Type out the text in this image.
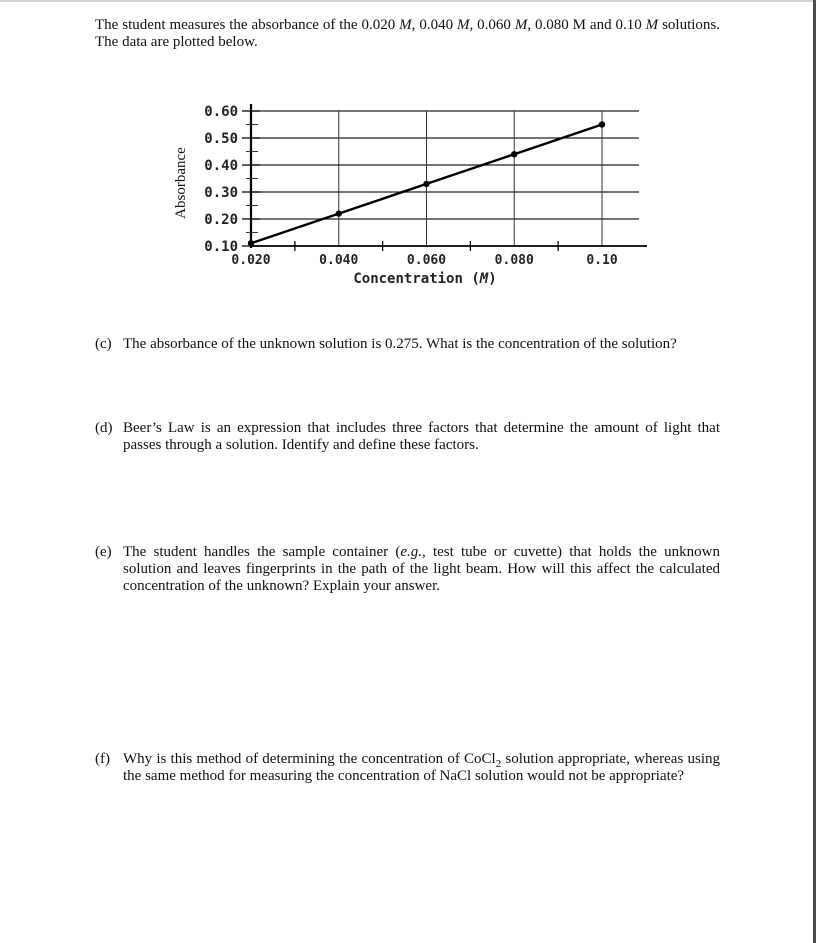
The student measures the absorbance of the 0.020 M, 0.040 M, 0.060 M, 0.080 M and 0.10 M solutions. The data are plotted below.
0.60
0.50
0.40
0.30
0.20
0.10
0.020	0.040	0.060	0.080	0.10
Concentration (M)
Absorbance
(c) The absorbance of the unknown solution is 0.275. What is the concentration of the solution?
(d) Beer’s Law is an expression that includes three factors that determine the amount of light that passes through a solution. Identify and define these factors.
(e) The student handles the sample container (e.g., test tube or cuvette) that holds the unknown solution and leaves fingerprints in the path of the light beam. How will this affect the calculated concentration of the unknown? Explain your answer.
(f) Why is this method of determining the concentration of CoCl$_2$ solution appropriate, whereas using the same method for measuring the concentration of NaCl solution would not be appropriate?
